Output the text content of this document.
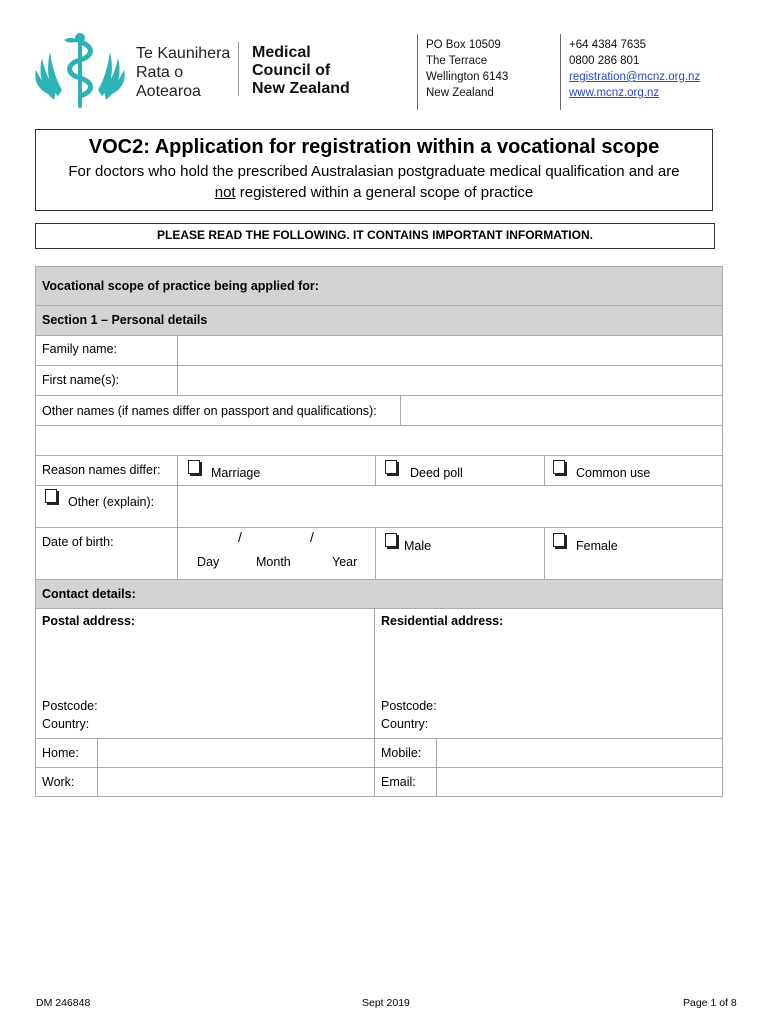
Te Kaunihera
Rata o
Aotearoa
Medical
Council of
New Zealand
PO Box 10509
The Terrace
Wellington 6143
New Zealand
+64 4384 7635
0800 286 801
registration@mcnz.org.nz
www.mcnz.org.nz
VOC2: Application for registration within a vocational scope
For doctors who hold the prescribed Australasian postgraduate medical qualification and are
not registered within a general scope of practice
PLEASE READ THE FOLLOWING. IT CONTAINS IMPORTANT INFORMATION.
Vocational scope of practice being applied for:
Section 1 – Personal details
Family name:
First name(s):
Other names (if names differ on passport and qualifications):
Reason names differ:	Marriage	Deed poll	Common use
Other (explain):
Date of birth:	/	/
Day	Month	Year
Male	Female
Contact details:
Postal address:
Postcode:
Country:
Residential address:
Postcode:
Country:
Home:	Mobile:
Work:	Email:
DM 246848	Sept 2019	Page 1 of 8
